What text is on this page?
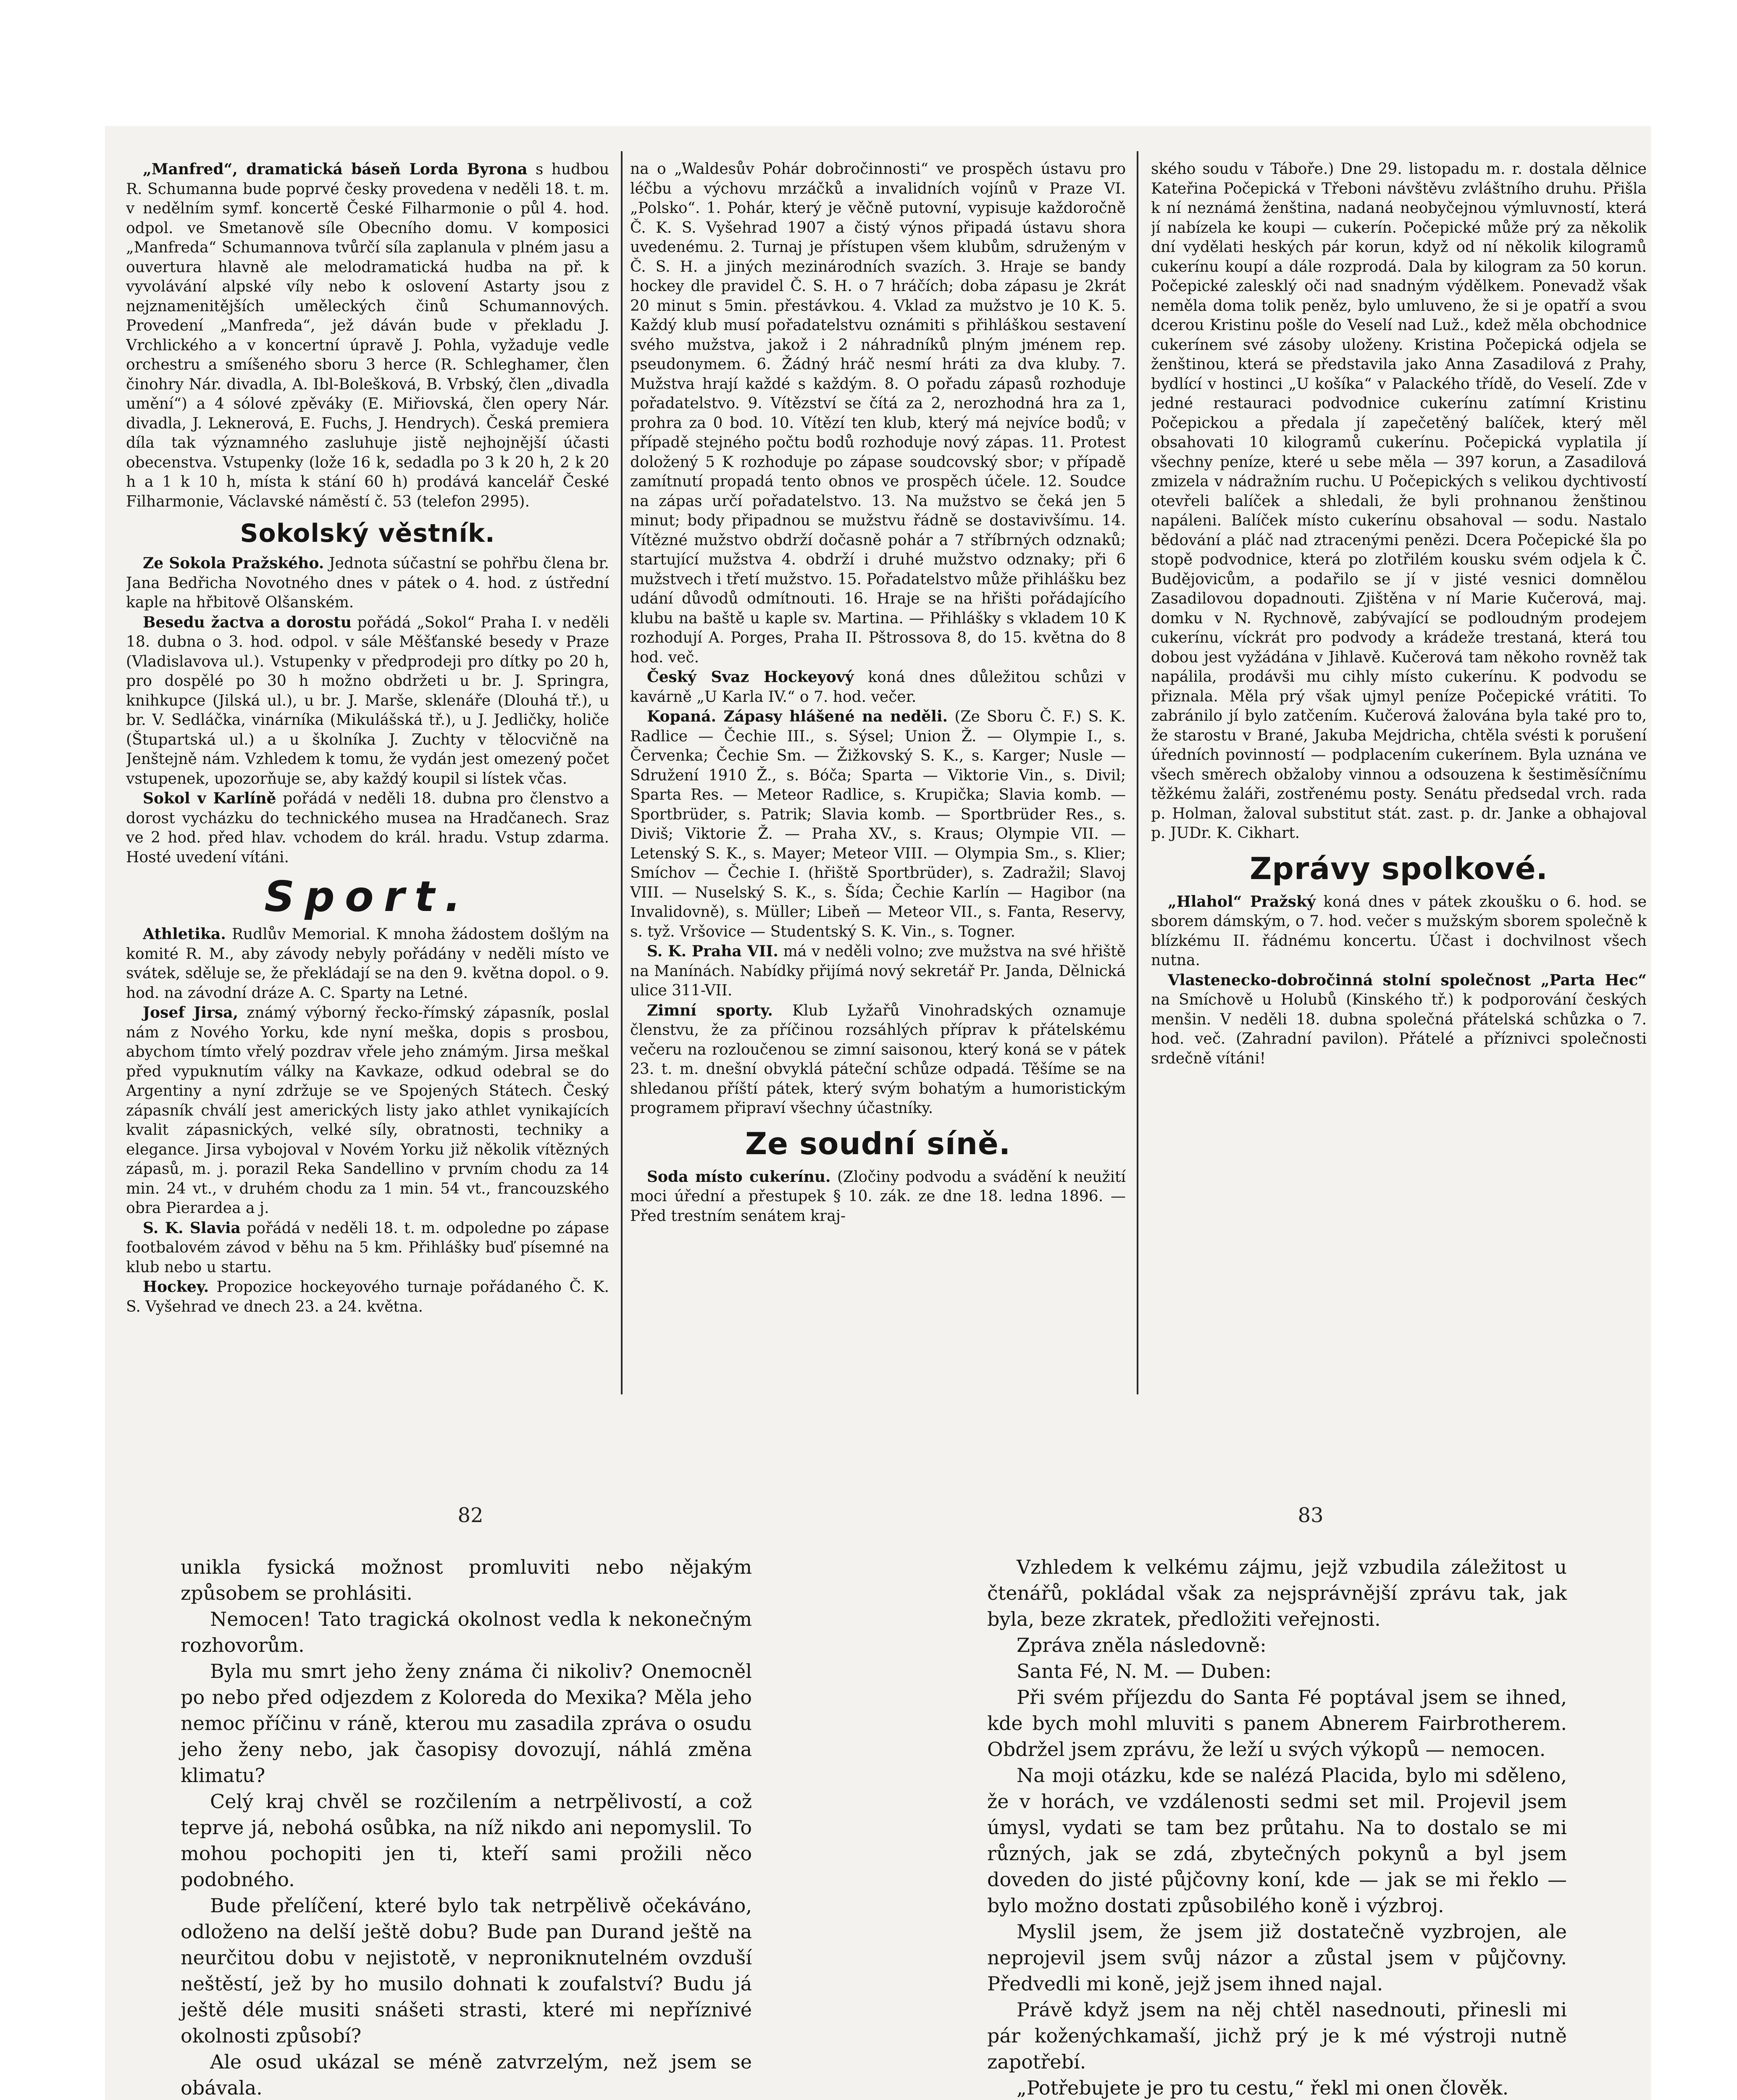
„Manfred“, dramatická báseň Lorda Byrona s hudbou R. Schumanna bude poprvé česky provedena v neděli 18. t. m. v nedělním symf. koncertě České Filharmonie o půl 4. hod. odpol. ve Smetanově síle Obecního domu. V komposici „Manfreda“ Schumannova tvůrčí síla zaplanula v plném jasu a ouvertura hlavně ale melodramatická hudba na př. k vyvolávání alpské víly nebo k oslovení Astarty jsou z nejznamenitějších uměleckých činů Schumannových. Provedení „Manfreda“, jež dáván bude v překladu J. Vrchlického a v koncertní úpravě J. Pohla, vyžaduje vedle orchestru a smíšeného sboru 3 herce (R. Schleghamer, člen činohry Nár. divadla, A. Ibl-Bolešková, B. Vrbský, člen „divadla umění“) a 4 sólové zpěváky (E. Miřiovská, člen opery Nár. divadla, J. Leknerová, E. Fuchs, J. Hendrych). Česká premiera díla tak významného zasluhuje jistě nejhojnější účasti obecenstva. Vstupenky (lože 16 k, sedadla po 3 k 20 h, 2 k 20 h a 1 k 10 h, místa k stání 60 h) prodává kancelář České Filharmonie, Václavské náměstí č. 53 (telefon 2995).

Sokolský věstník.

Ze Sokola Pražského. Jednota súčastní se pohřbu člena br. Jana Bedřicha Novotného dnes v pátek o 4. hod. z ústřední kaple na hřbitově Olšanském.

Besedu žactva a dorostu pořádá „Sokol“ Praha I. v neděli 18. dubna o 3. hod. odpol. v sále Měšťanské besedy v Praze (Vladislavova ul.). Vstupenky v předprodeji pro dítky po 20 h, pro dospělé po 30 h možno obdržeti u br. J. Springra, knihkupce (Jilská ul.), u br. J. Marše, sklenáře (Dlouhá tř.), u br. V. Sedláčka, vinárníka (Mikulášská tř.), u J. Jedličky, holiče (Štupartská ul.) a u školníka J. Zuchty v tělocvičně na Jenštejně nám. Vzhledem k tomu, že vydán jest omezený počet vstupenek, upozorňuje se, aby každý koupil si lístek včas.

Sokol v Karlíně pořádá v neděli 18. dubna pro členstvo a dorost vycházku do technického musea na Hradčanech. Sraz ve 2 hod. před hlav. vchodem do král. hradu. Vstup zdarma. Hosté uvedení vítáni.

Sport.

Athletika. Rudlův Memorial. K mnoha žádostem došlým na komité R. M., aby závody nebyly pořádány v neděli místo ve svátek, sděluje se, že překládají se na den 9. května dopol. o 9. hod. na závodní dráze A. C. Sparty na Letné.

Josef Jirsa, známý výborný řecko-římský zápasník, poslal nám z Nového Yorku, kde nyní meška, dopis s prosbou, abychom tímto vřelý pozdrav vřele jeho známým. Jirsa meškal před vypuknutím války na Kavkaze, odkud odebral se do Argentiny a nyní zdržuje se ve Spojených Státech. Český zápasník chválí jest amerických listy jako athlet vynikajících kvalit zápasnických, velké síly, obratnosti, techniky a elegance. Jirsa vybojoval v Novém Yorku již několik vítězných zápasů, m. j. porazil Reka Sandellino v prvním chodu za 14 min. 24 vt., v druhém chodu za 1 min. 54 vt., francouzského obra Pierardea a j.

S. K. Slavia pořádá v neděli 18. t. m. odpoledne po zápase footbalovém závod v běhu na 5 km. Přihlášky buď písemné na klub nebo u startu.

Hockey. Propozice hockeyového turnaje pořádaného Č. K. S. Vyšehrad ve dnech 23. a 24. května.

na o „Waldesův Pohár dobročinnosti“ ve prospěch ústavu pro léčbu a výchovu mrzáčků a invalidních vojínů v Praze VI. „Polsko“. 1. Pohár, který je věčně putovní, vypisuje každoročně Č. K. S. Vyšehrad 1907 a čistý výnos připadá ústavu shora uvedenému. 2. Turnaj je přístupen všem klubům, sdruženým v Č. S. H. a jiných mezinárodních svazích. 3. Hraje se bandy hockey dle pravidel Č. S. H. o 7 hráčích; doba zápasu je 2krát 20 minut s 5min. přestávkou. 4. Vklad za mužstvo je 10 K. 5. Každý klub musí pořadatelstvu oznámiti s přihláškou sestavení svého mužstva, jakož i 2 náhradníků plným jménem rep. pseudonymem. 6. Žádný hráč nesmí hráti za dva kluby. 7. Mužstva hrají každé s každým. 8. O pořadu zápasů rozhoduje pořadatelstvo. 9. Vítězství se čítá za 2, nerozhodná hra za 1, prohra za 0 bod. 10. Vítězí ten klub, který má nejvíce bodů; v případě stejného počtu bodů rozhoduje nový zápas. 11. Protest doložený 5 K rozhoduje po zápase soudcovský sbor; v případě zamítnutí propadá tento obnos ve prospěch účele. 12. Soudce na zápas určí pořadatelstvo. 13. Na mužstvo se čeká jen 5 minut; body připadnou se mužstvu řádně se dostavivšímu. 14. Vítězné mužstvo obdrží dočasně pohár a 7 stříbrných odznaků; startující mužstva 4. obdrží i druhé mužstvo odznaky; při 6 mužstvech i třetí mužstvo. 15. Pořadatelstvo může přihlášku bez udání důvodů odmítnouti. 16. Hraje se na hřišti pořádajícího klubu na baště u kaple sv. Martina. — Přihlášky s vkladem 10 K rozhodují A. Porges, Praha II. Pštrossova 8, do 15. května do 8 hod. več.

Český Svaz Hockeyový koná dnes důležitou schůzi v kavárně „U Karla IV.“ o 7. hod. večer.

Kopaná. Zápasy hlášené na neděli. (Ze Sboru Č. F.) S. K. Radlice — Čechie III., s. Sýsel; Union Ž. — Olympie I., s. Červenka; Čechie Sm. — Žižkovský S. K., s. Karger; Nusle — Sdružení 1910 Ž., s. Bóča; Sparta — Viktorie Vin., s. Divil; Sparta Res. — Meteor Radlice, s. Krupička; Slavia komb. — Sportbrüder, s. Patrik; Slavia komb. — Sportbrüder Res., s. Diviš; Viktorie Ž. — Praha XV., s. Kraus; Olympie VII. — Letenský S. K., s. Mayer; Meteor VIII. — Olympia Sm., s. Klier; Smíchov — Čechie I. (hřiště Sportbrüder), s. Zadražil; Slavoj VIII. — Nuselský S. K., s. Šída; Čechie Karlín — Hagibor (na Invalidovně), s. Müller; Libeň — Meteor VII., s. Fanta, Reservy, s. tyž. Vršovice — Studentský S. K. Vin., s. Togner.

S. K. Praha VII. má v neděli volno; zve mužstva na své hřiště na Manínách. Nabídky přijímá nový sekretář Pr. Janda, Dělnická ulice 311-VII.

Zimní sporty. Klub Lyžařů Vinohradských oznamuje členstvu, že za příčinou rozsáhlých příprav k přátelskému večeru na rozloučenou se zimní saisonou, který koná se v pátek 23. t. m. dnešní obvyklá páteční schůze odpadá. Těšíme se na shledanou příští pátek, který svým bohatým a humoristickým programem připraví všechny účastníky.

Ze soudní síně.

Soda místo cukerínu. (Zločiny podvodu a svádění k neužití moci úřední a přestupek § 10. zák. ze dne 18. ledna 1896. — Před trestním senátem kraj-

ského soudu v Táboře.) Dne 29. listopadu m. r. dostala dělnice Kateřina Počepická v Třeboni návštěvu zvláštního druhu. Přišla k ní neznámá ženština, nadaná neobyčejnou výmluvností, která jí nabízela ke koupi — cukerín. Počepické může prý za několik dní vydělati heských pár korun, když od ní několik kilogramů cukerínu koupí a dále rozprodá. Dala by kilogram za 50 korun. Počepické zalesklý oči nad snadným výdělkem. Ponevadž však neměla doma tolik peněz, bylo umluveno, že si je opatří a svou dcerou Kristinu pošle do Veselí nad Luž., kdež měla obchodnice cukerínem své zásoby uloženy. Kristina Počepická odjela se ženštinou, která se představila jako Anna Zasadilová z Prahy, bydlící v hostinci „U košíka“ v Palackého třídě, do Veselí. Zde v jedné restauraci podvodnice cukerínu zatímní Kristinu Počepickou a předala jí zapečetěný balíček, který měl obsahovati 10 kilogramů cukerínu. Počepická vyplatila jí všechny peníze, které u sebe měla — 397 korun, a Zasadilová zmizela v nádražním ruchu. U Počepických s velikou dychtivostí otevřeli balíček a shledali, že byli prohnanou ženštinou napáleni. Balíček místo cukerínu obsahoval — sodu. Nastalo bědování a pláč nad ztracenými penězi. Dcera Počepické šla po stopě podvodnice, která po zlotřilém kousku svém odjela k Č. Budějovicům, a podařilo se jí v jisté vesnici domnělou Zasadilovou dopadnouti. Zjištěna v ní Marie Kučerová, maj. domku v N. Rychnově, zabývající se podloudným prodejem cukerínu, víckrát pro podvody a krádeže trestaná, která tou dobou jest vyžádána v Jihlavě. Kučerová tam někoho rovněž tak napálila, prodávši mu cihly místo cukerínu. K podvodu se přiznala. Měla prý však ujmyl peníze Počepické vrátiti. To zabránilo jí bylo zatčením. Kučerová žalována byla také pro to, že starostu v Brané, Jakuba Mejdricha, chtěla svésti k porušení úředních povinností — podplacením cukerínem. Byla uznána ve všech směrech obžaloby vinnou a odsouzena k šestiměsíčnímu těžkému žaláři, zostřenému posty. Senátu předsedal vrch. rada p. Holman, žaloval substitut stát. zast. p. dr. Janke a obhajoval p. JUDr. K. Cikhart.

Zprávy spolkové.

„Hlahol“ Pražský koná dnes v pátek zkoušku o 6. hod. se sborem dámským, o 7. hod. večer s mužským sborem společně k blízkému II. řádnému koncertu. Účast i dochvilnost všech nutna.

Vlastenecko-dobročinná stolní společnost „Parta Hec“ na Smíchově u Holubů (Kinského tř.) k podporování českých menšin. V neděli 18. dubna společná přátelská schůzka o 7. hod. več. (Zahradní pavilon). Přátelé a příznivci společnosti srdečně vítáni!

82	83

unikla fysická možnost promluviti nebo nějakým způsobem se prohlásiti.

Nemocen! Tato tragická okolnost vedla k nekonečným rozhovorům.

Byla mu smrt jeho ženy známa či nikoliv? Onemocněl po nebo před odjezdem z Koloreda do Mexika? Měla jeho nemoc příčinu v ráně, kterou mu zasadila zpráva o osudu jeho ženy nebo, jak časopisy dovozují, náhlá změna klimatu?

Celý kraj chvěl se rozčilením a netrpělivostí, a což teprve já, nebohá osůbka, na níž nikdo ani nepomyslil. To mohou pochopiti jen ti, kteří sami prožili něco podobného.

Bude přelíčení, které bylo tak netrpělivě očekáváno, odloženo na delší ještě dobu? Bude pan Durand ještě na neurčitou dobu v nejistotě, v neproniknutelném ovzduší neštěstí, jež by ho musilo dohnati k zoufalství? Budu já ještě déle musiti snášeti strasti, které mi nepříznivé okolnosti způsobí?

Ale osud ukázal se méně zatvrzelým, než jsem se obávala.

Vzhledem k velkému zájmu, jejž vzbudila záležitost u čtenářů, pokládal však za nejsprávnější zprávu tak, jak byla, beze zkratek, předložiti veřejnosti.

Zpráva zněla následovně:

Santa Fé, N. M. — Duben:

Při svém příjezdu do Santa Fé poptával jsem se ihned, kde bych mohl mluviti s panem Abnerem Fairbrotherem. Obdržel jsem zprávu, že leží u svých výkopů — nemocen.

Na moji otázku, kde se nalézá Placida, bylo mi sděleno, že v horách, ve vzdálenosti sedmi set mil. Projevil jsem úmysl, vydati se tam bez průtahu. Na to dostalo se mi různých, jak se zdá, zbytečných pokynů a byl jsem doveden do jisté půjčovny koní, kde — jak se mi řeklo — bylo možno dostati způsobilého koně i výzbroj.

Myslil jsem, že jsem již dostatečně vyzbrojen, ale neprojevil jsem svůj názor a zůstal jsem v půjčovny. Předvedli mi koně, jejž jsem ihned najal.

Právě když jsem na něj chtěl nasednouti, přinesli mi pár koženýchkamaší, jichž prý je k mé výstroji nutně zapotřebí.

„Potřebujete je pro tu cestu,“ řekl mi onen člověk.
